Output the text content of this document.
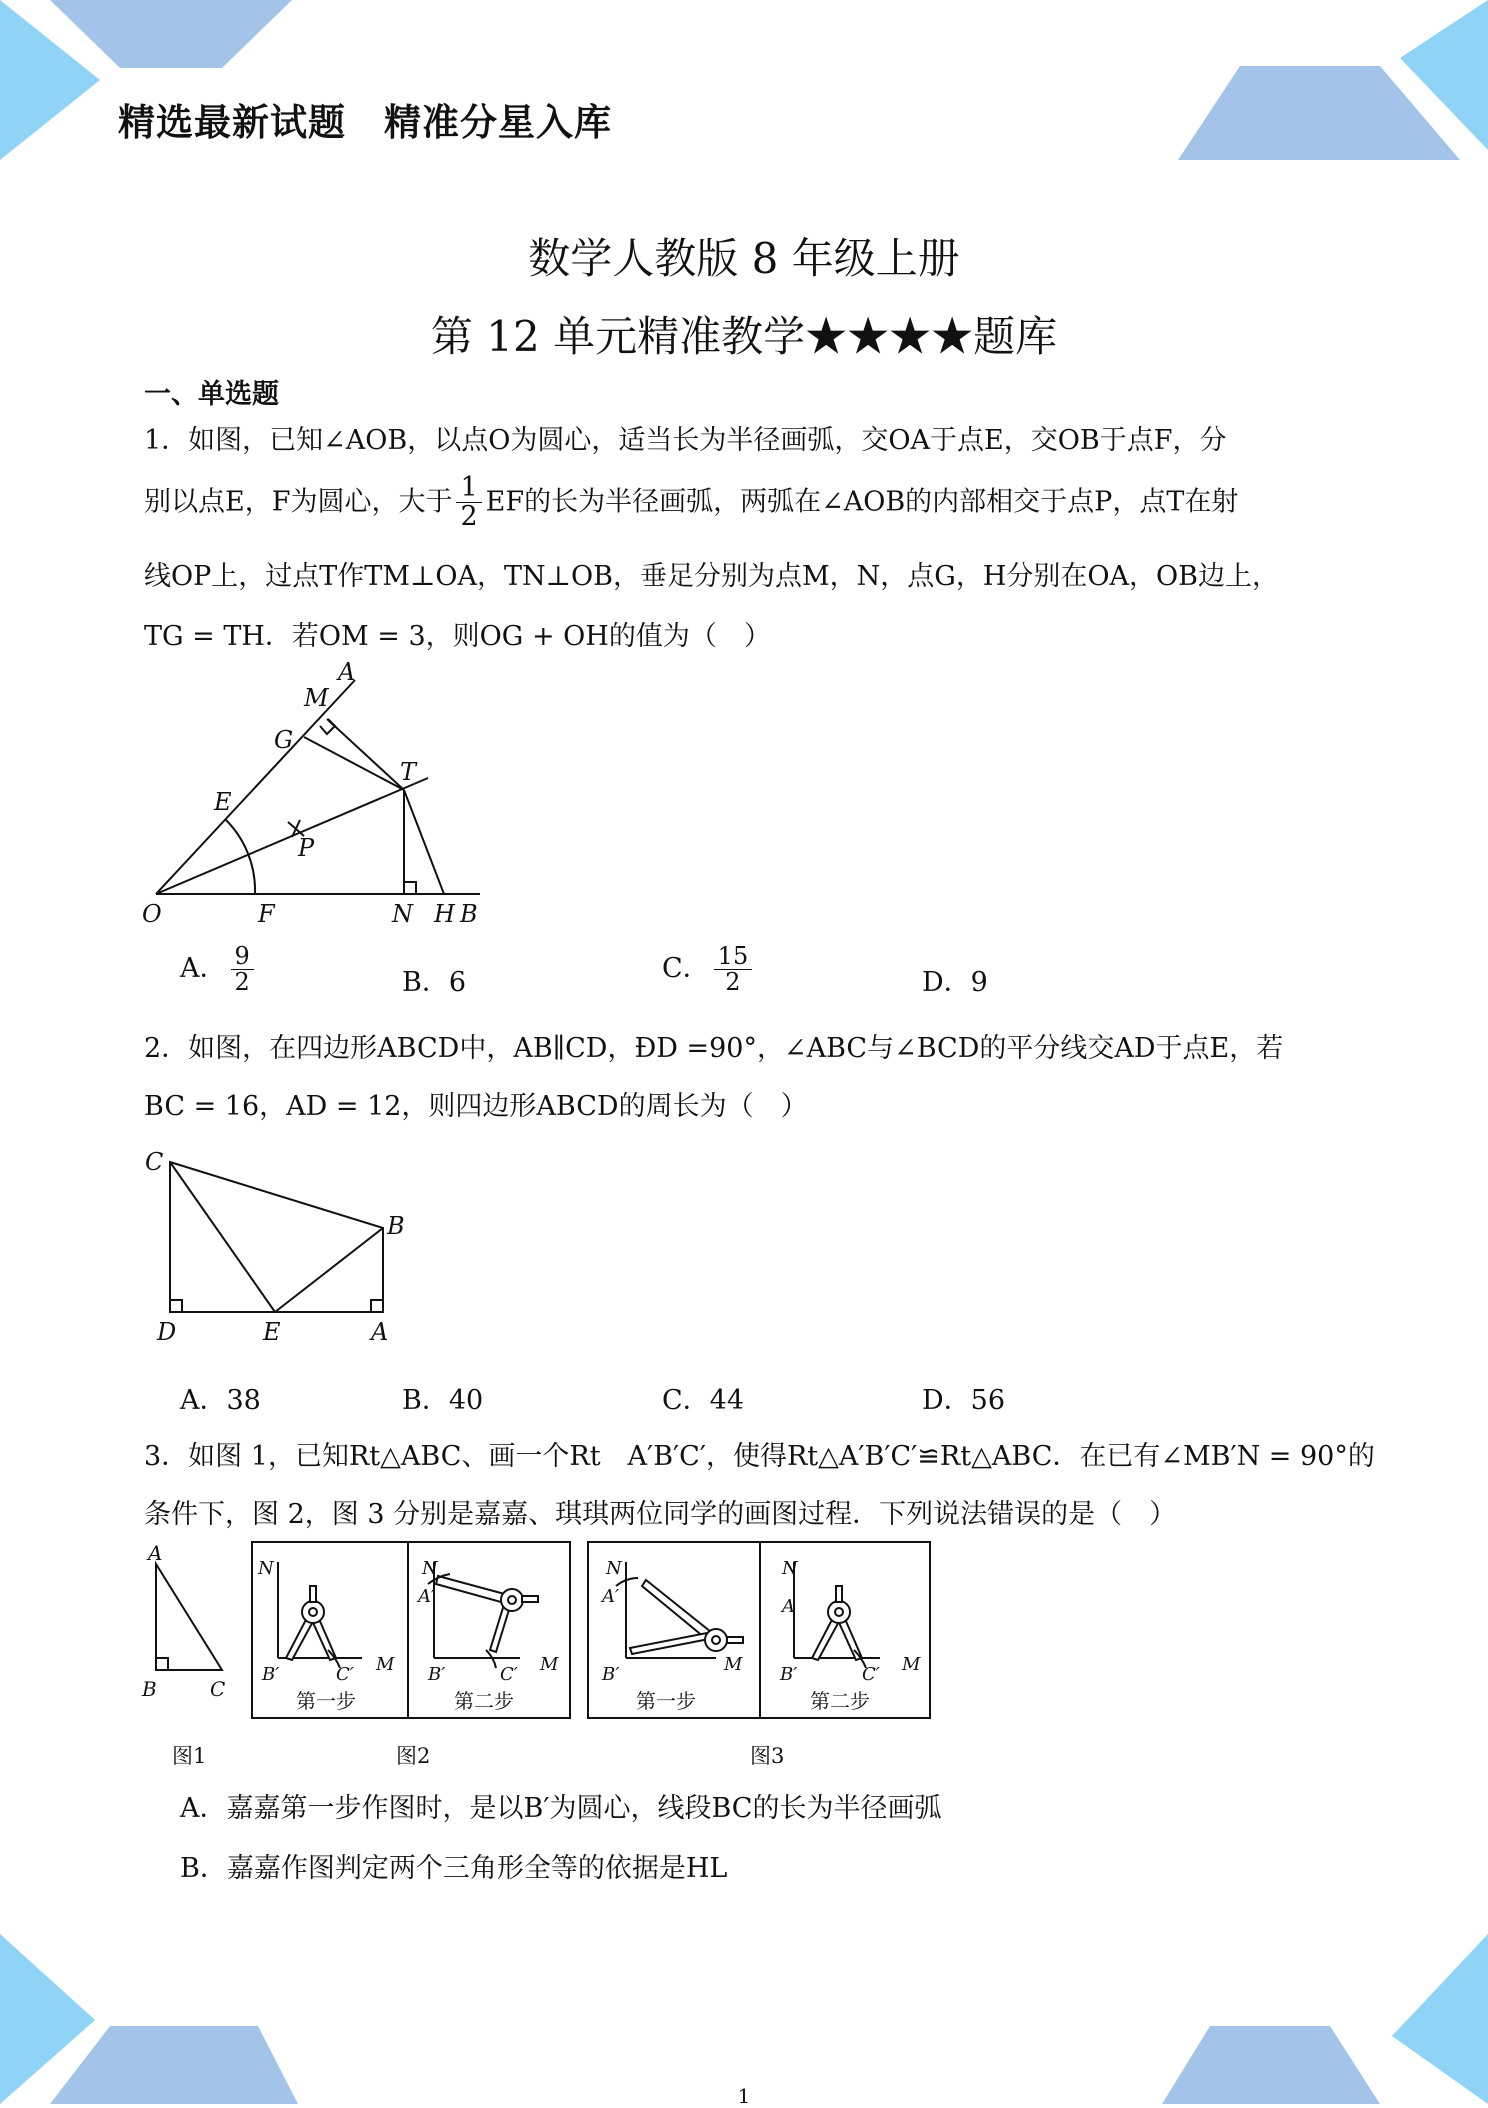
精选最新试题　精准分星入库
数学人教版 8 年级上册
第 12 单元精准教学★★★★题库
一、单选题
1．如图，已知∠AOB，以点O为圆心，适当长为半径画弧，交OA于点E，交OB于点F，分
别以点E，F为圆心，大于 $\frac{1}{2}$ EF的长为半径画弧，两弧在∠AOB的内部相交于点P，点T在射
线OP上，过点T作TM⊥OA，TN⊥OB，垂足分别为点M，N，点G，H分别在OA，OB边上，
TG = TH．若OM = 3，则OG + OH的值为（　）
A
M
G
T
E
P
O	F	N H B
A． $\frac{9}{2}$	B．6	C． $\frac{15}{2}$	D．9
2．如图，在四边形ABCD中，AB∥CD，ÐD =90°，∠ABC与∠BCD的平分线交AD于点E，若
BC = 16，AD = 12，则四边形ABCD的周长为（　）
C
B
D	E	A
A．38	B．40	C．44	D．56
3．如图 1，已知Rt△ABC、画一个Rt　A′B′C′，使得Rt△A′B′C′≌Rt△ABC．在已有∠MB′N = 90°的
条件下，图 2，图 3 分别是嘉嘉、琪琪两位同学的画图过程．下列说法错误的是（　）
A
B	C
N
B′	C′ M
第一步
N
A′
B′	C′ M
第二步
N
A′
B′	M
第一步
N
A
B′	C′ M
第二步
图1	图2	图3
A．嘉嘉第一步作图时，是以B′为圆心，线段BC的长为半径画弧
B．嘉嘉作图判定两个三角形全等的依据是HL
1
